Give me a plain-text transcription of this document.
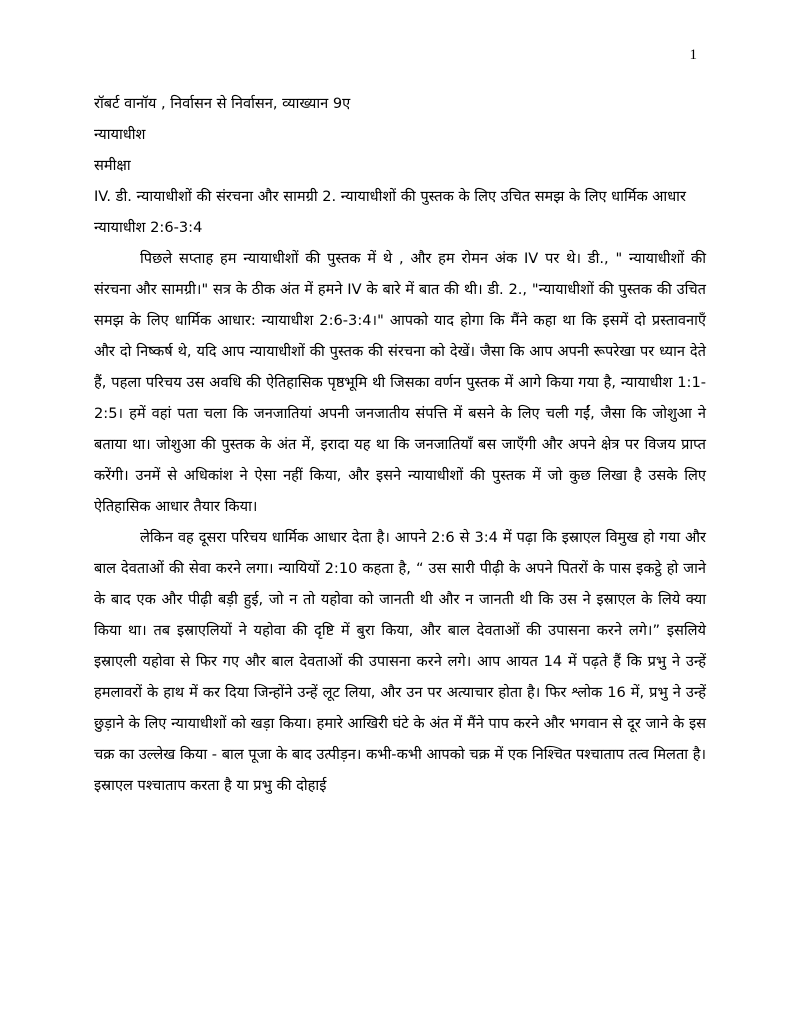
1

रॉबर्ट वानॉय , निर्वासन से निर्वासन, व्याख्यान 9ए

न्यायाधीश

समीक्षा

IV. डी. न्यायाधीशों की संरचना और सामग्री 2. न्यायाधीशों की पुस्तक के लिए उचित समझ के लिए धार्मिक आधार न्यायाधीश 2:6-3:4

पिछले सप्ताह हम न्यायाधीशों की पुस्तक में थे , और हम रोमन अंक IV पर थे। डी., " न्यायाधीशों की संरचना और सामग्री।" सत्र के ठीक अंत में हमने IV के बारे में बात की थी। डी. 2., "न्यायाधीशों की पुस्तक की उचित समझ के लिए धार्मिक आधार: न्यायाधीश 2:6-3:4।" आपको याद होगा कि मैंने कहा था कि इसमें दो प्रस्तावनाएँ और दो निष्कर्ष थे, यदि आप न्यायाधीशों की पुस्तक की संरचना को देखें। जैसा कि आप अपनी रूपरेखा पर ध्यान देते हैं, पहला परिचय उस अवधि की ऐतिहासिक पृष्ठभूमि थी जिसका वर्णन पुस्तक में आगे किया गया है, न्यायाधीश 1:1-2:5। हमें वहां पता चला कि जनजातियां अपनी जनजातीय संपत्ति में बसने के लिए चली गईं, जैसा कि जोशुआ ने बताया था। जोशुआ की पुस्तक के अंत में, इरादा यह था कि जनजातियाँ बस जाएँगी और अपने क्षेत्र पर विजय प्राप्त करेंगी। उनमें से अधिकांश ने ऐसा नहीं किया, और इसने न्यायाधीशों की पुस्तक में जो कुछ लिखा है उसके लिए ऐतिहासिक आधार तैयार किया।

लेकिन वह दूसरा परिचय धार्मिक आधार देता है। आपने 2:6 से 3:4 में पढ़ा कि इस्राएल विमुख हो गया और बाल देवताओं की सेवा करने लगा। न्यायियों 2:10 कहता है, “ उस सारी पीढ़ी के अपने पितरों के पास इकट्ठे हो जाने के बाद एक और पीढ़ी बड़ी हुई, जो न तो यहोवा को जानती थी और न जानती थी कि उस ने इस्राएल के लिये क्या किया था। तब इस्राएलियों ने यहोवा की दृष्टि में बुरा किया, और बाल देवताओं की उपासना करने लगे।” इसलिये इस्राएली यहोवा से फिर गए और बाल देवताओं की उपासना करने लगे। आप आयत 14 में पढ़ते हैं कि प्रभु ने उन्हें हमलावरों के हाथ में कर दिया जिन्होंने उन्हें लूट लिया, और उन पर अत्याचार होता है। फिर श्लोक 16 में, प्रभु ने उन्हें छुड़ाने के लिए न्यायाधीशों को खड़ा किया। हमारे आखिरी घंटे के अंत में मैंने पाप करने और भगवान से दूर जाने के इस चक्र का उल्लेख किया - बाल पूजा के बाद उत्पीड़न। कभी-कभी आपको चक्र में एक निश्चित पश्चाताप तत्व मिलता है। इस्राएल पश्चाताप करता है या प्रभु की दोहाई
